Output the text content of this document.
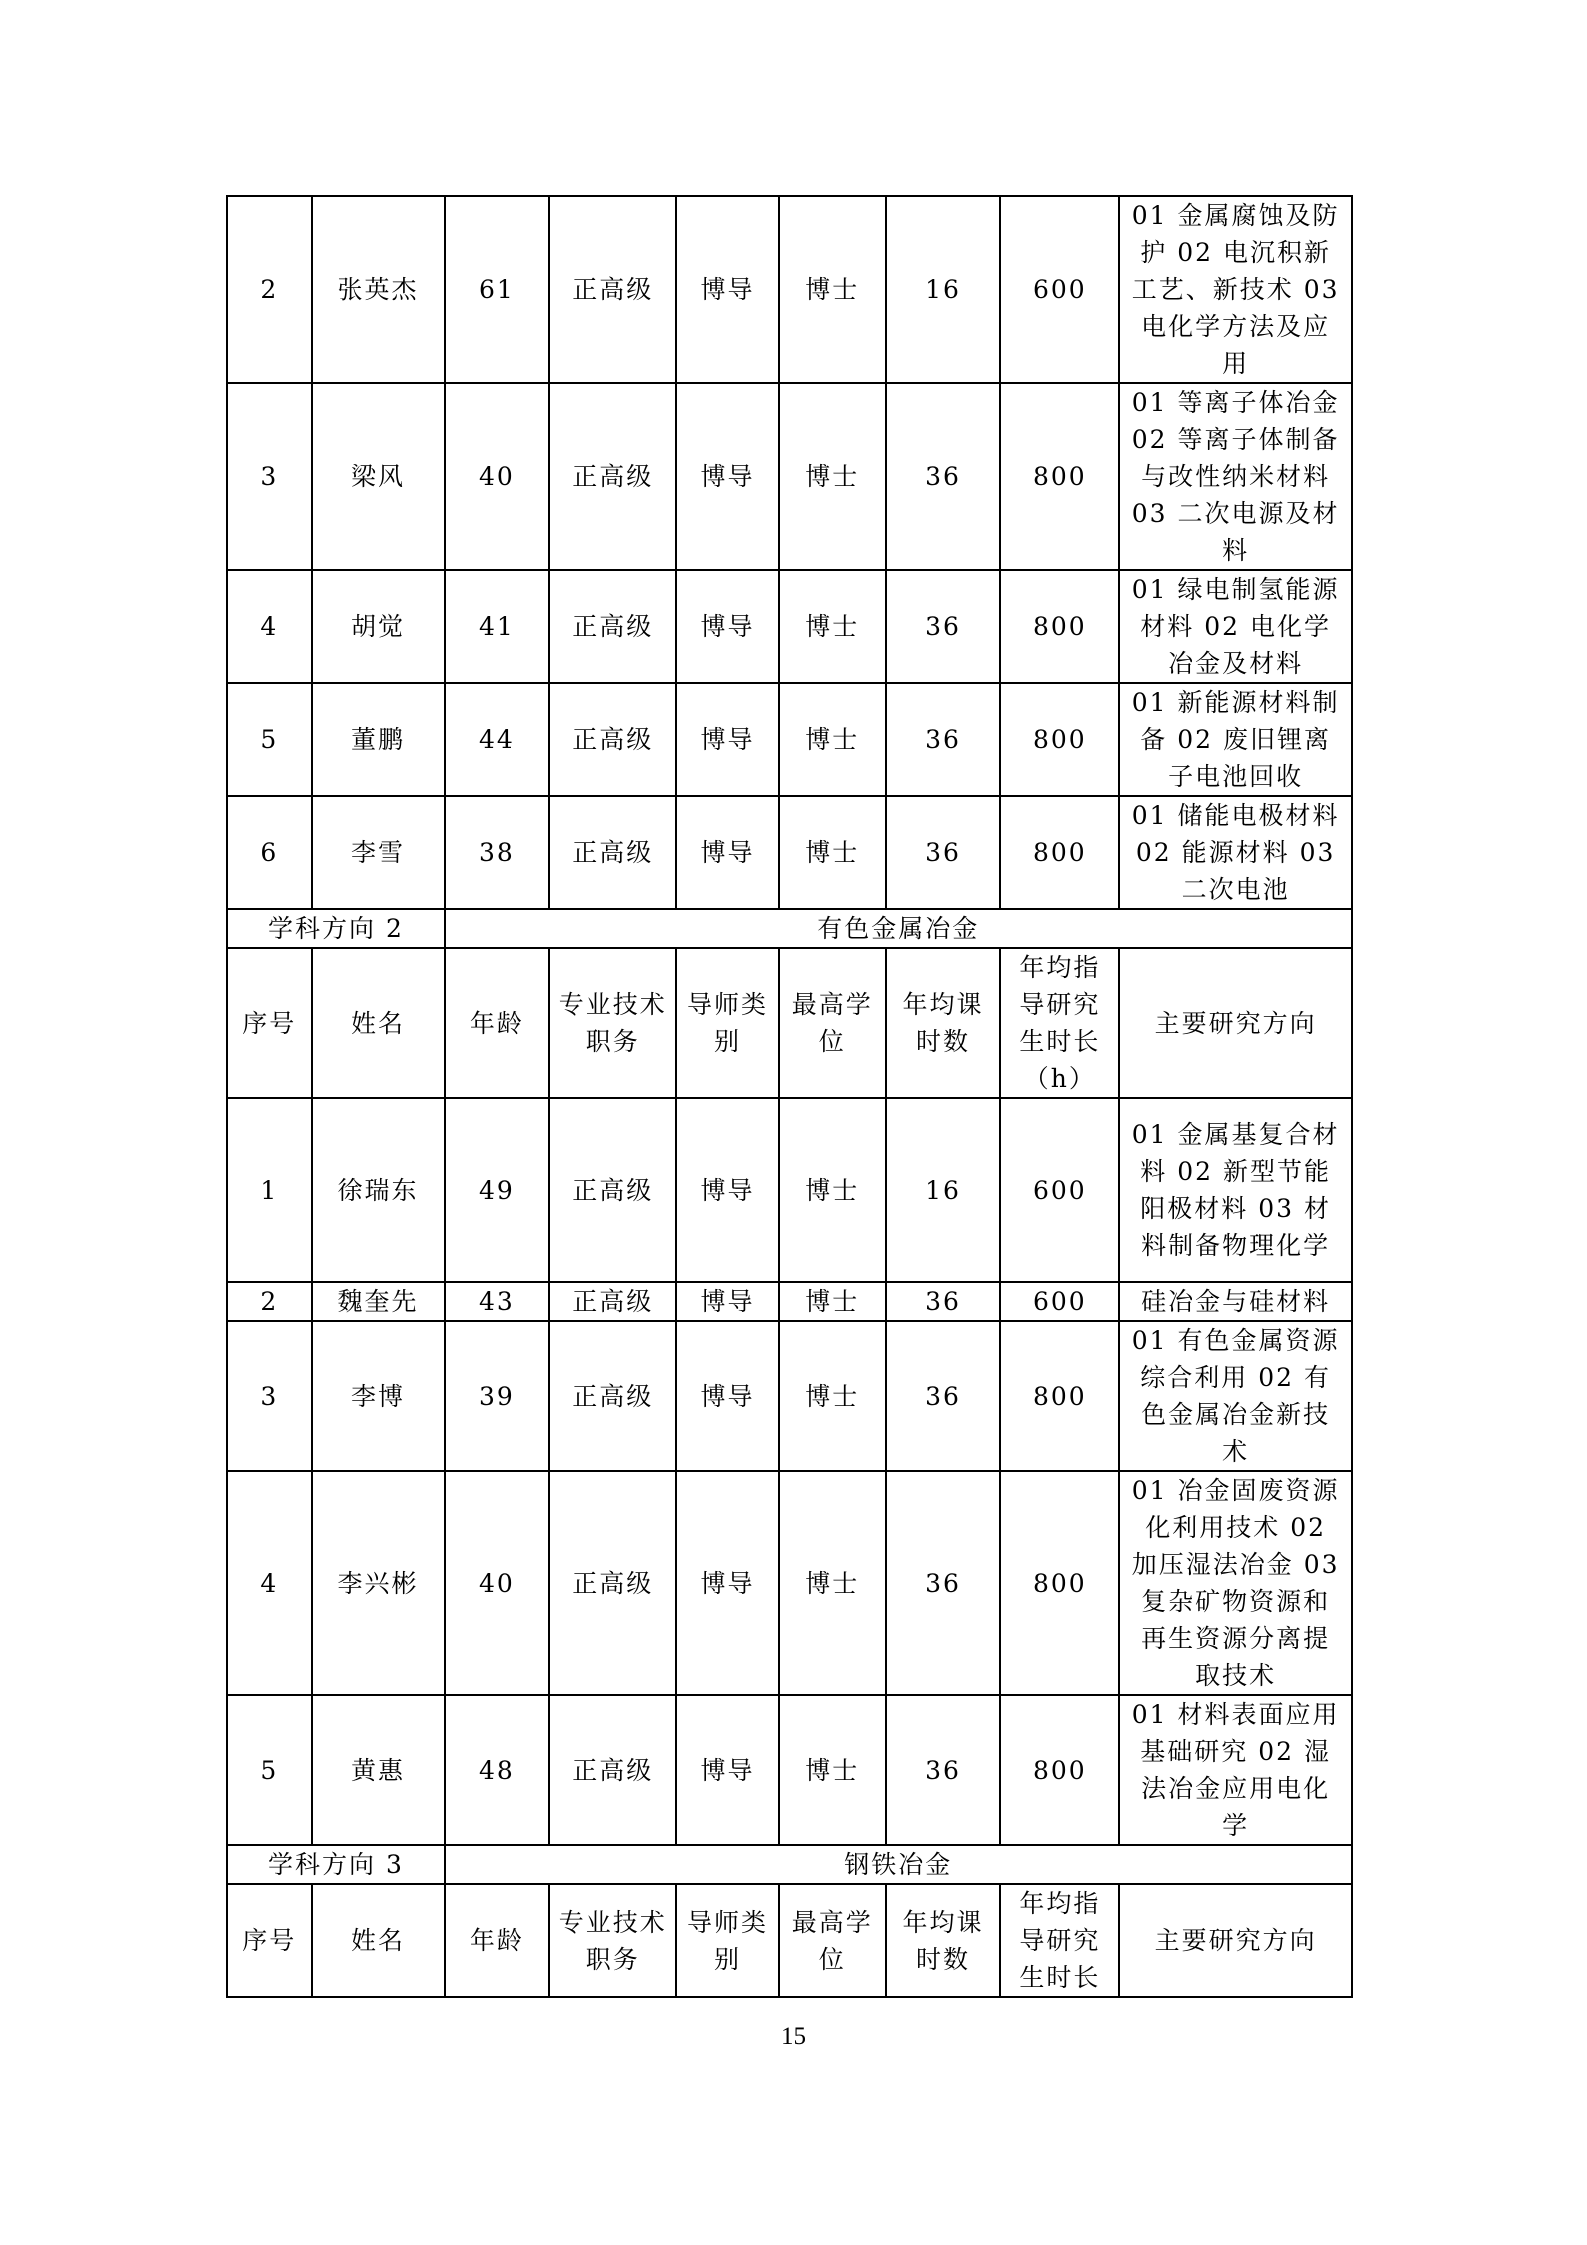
2	张英杰	61	正高级	博导	博士	16	600	01 金属腐蚀及防护 02 电沉积新工艺、新技术 03 电化学方法及应用
3	梁风	40	正高级	博导	博士	36	800	01 等离子体冶金 02 等离子体制备与改性纳米材料 03 二次电源及材料
4	胡觉	41	正高级	博导	博士	36	800	01 绿电制氢能源材料 02 电化学冶金及材料
5	董鹏	44	正高级	博导	博士	36	800	01 新能源材料制备 02 废旧锂离子电池回收
6	李雪	38	正高级	博导	博士	36	800	01 储能电极材料 02 能源材料 03 二次电池
学科方向 2		有色金属冶金						
序号	姓名	年龄	专业技术职务	导师类别	最高学位	年均课时数	年均指导研究生时长（h）	主要研究方向
1	徐瑞东	49	正高级	博导	博士	16	600	01 金属基复合材料 02 新型节能阳极材料 03 材料制备物理化学
2	魏奎先	43	正高级	博导	博士	36	600	硅冶金与硅材料
3	李博	39	正高级	博导	博士	36	800	01 有色金属资源综合利用 02 有色金属冶金新技术
4	李兴彬	40	正高级	博导	博士	36	800	01 冶金固废资源化利用技术 02 加压湿法冶金 03 复杂矿物资源和再生资源分离提取技术
5	黄惠	48	正高级	博导	博士	36	800	01 材料表面应用基础研究 02 湿法冶金应用电化学
学科方向 3		钢铁冶金						
序号	姓名	年龄	专业技术职务	导师类别	最高学位	年均课时数	年均指导研究生时长	主要研究方向
15
